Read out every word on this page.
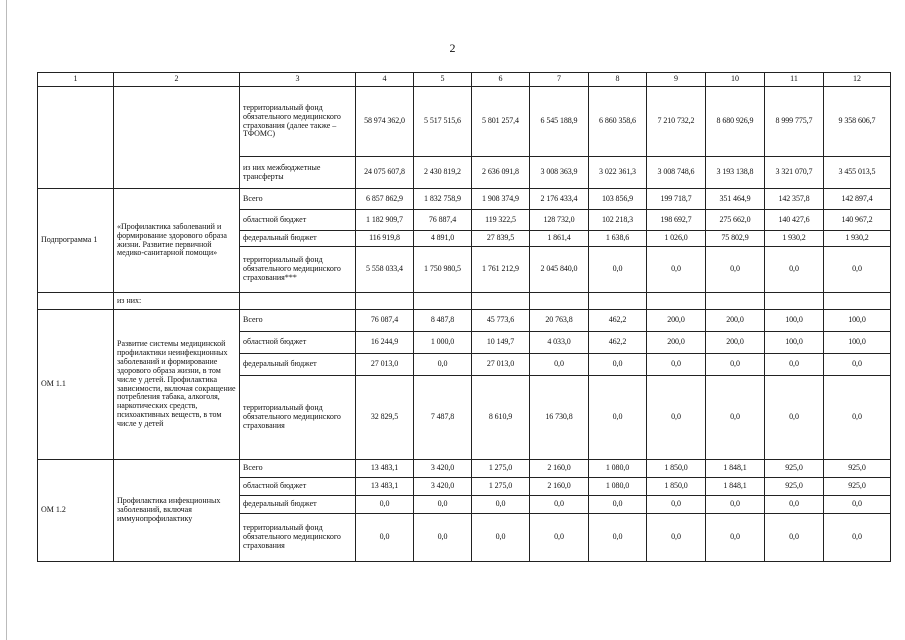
2
1	2	3	4	5	6	7	8	9	10	11	12
		территориальный фонд обязательного медицинского страхования (далее также – ТФОМС)	58 974 362,0	5 517 515,6	5 801 257,4	6 545 188,9	6 860 358,6	7 210 732,2	8 680 926,9	8 999 775,7	9 358 606,7
		из них межбюджетные трансферты	24 075 607,8	2 430 819,2	2 636 091,8	3 008 363,9	3 022 361,3	3 008 748,6	3 193 138,8	3 321 070,7	3 455 013,5
Подпрограмма 1	«Профилактика заболеваний и формирование здорового образа жизни. Развитие первичной медико-санитарной помощи»	Всего	6 857 862,9	1 832 758,9	1 908 374,9	2 176 433,4	103 856,9	199 718,7	351 464,9	142 357,8	142 897,4
		областной бюджет	1 182 909,7	76 887,4	119 322,5	128 732,0	102 218,3	198 692,7	275 662,0	140 427,6	140 967,2
		федеральный бюджет	116 919,8	4 891,0	27 839,5	1 861,4	1 638,6	1 026,0	75 802,9	1 930,2	1 930,2
		территориальный фонд обязательного медицинского страхования***	5 558 033,4	1 750 980,5	1 761 212,9	2 045 840,0	0,0	0,0	0,0	0,0	0,0
	из них:										
ОМ 1.1	Развитие системы медицинской профилактики неинфекционных заболеваний и формирование здорового образа жизни, в том числе у детей. Профилактика зависимости, включая сокращение потребления табака, алкоголя, наркотических средств, психоактивных веществ, в том числе у детей	Всего	76 087,4	8 487,8	45 773,6	20 763,8	462,2	200,0	200,0	100,0	100,0
		областной бюджет	16 244,9	1 000,0	10 149,7	4 033,0	462,2	200,0	200,0	100,0	100,0
		федеральный бюджет	27 013,0	0,0	27 013,0	0,0	0,0	0,0	0,0	0,0	0,0
		территориальный фонд обязательного медицинского страхования	32 829,5	7 487,8	8 610,9	16 730,8	0,0	0,0	0,0	0,0	0,0
ОМ 1.2	Профилактика инфекционных заболеваний, включая иммунопрофилактику	Всего	13 483,1	3 420,0	1 275,0	2 160,0	1 080,0	1 850,0	1 848,1	925,0	925,0
		областной бюджет	13 483,1	3 420,0	1 275,0	2 160,0	1 080,0	1 850,0	1 848,1	925,0	925,0
		федеральный бюджет	0,0	0,0	0,0	0,0	0,0	0,0	0,0	0,0	0,0
		территориальный фонд обязательного медицинского страхования	0,0	0,0	0,0	0,0	0,0	0,0	0,0	0,0	0,0
